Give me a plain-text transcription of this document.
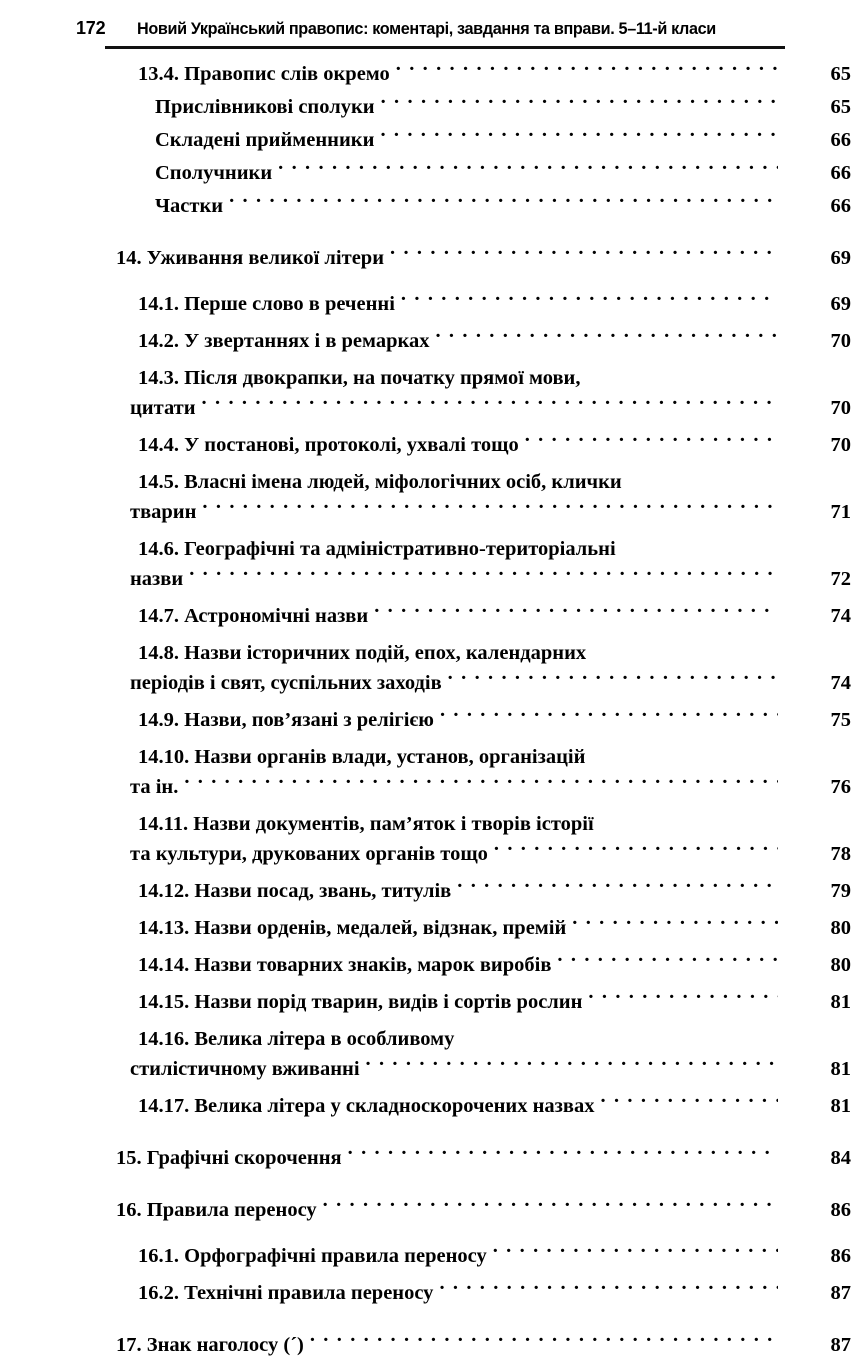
172 Новий Український правопис: коментарі, завдання та вправи. 5–11-й класи
13.4. Правопис слів окремо . . .	65
Прислівникові сполуки . . .	65
Складені прийменники . . .	66
Сполучники . . .	66
Частки . . .	66
14. Уживання великої літери . . .	69
14.1. Перше слово в реченні . . .	69
14.2. У звертаннях і в ремарках . . .	70
14.3. Після двокрапки, на початку прямої мови,
цитати . . .	70
14.4. У постанові, протоколі, ухвалі тощо . . .	70
14.5. Власні імена людей, міфологічних осіб, клички
тварин . . .	71
14.6. Географічні та адміністративно-територіальні
назви . . .	72
14.7. Астрономічні назви . . .	74
14.8. Назви історичних подій, епох, календарних
періодів і свят, суспільних заходів . . .	74
14.9. Назви, пов’язані з релігією . . .	75
14.10. Назви органів влади, установ, організацій
та ін. . . .	76
14.11. Назви документів, пам’яток і творів історії
та культури, друкованих органів тощо . . .	78
14.12. Назви посад, звань, титулів . . .	79
14.13. Назви орденів, медалей, відзнак, премій . . .	80
14.14. Назви товарних знаків, марок виробів . . .	80
14.15. Назви порід тварин, видів і сортів рослин . . .	81
14.16. Велика літера в особливому
стилістичному вживанні . . .	81
14.17. Велика літера у складноскорочених назвах . . .	81
15. Графічні скорочення . . .	84
16. Правила переносу . . .	86
16.1. Орфографічні правила переносу . . .	86
16.2. Технічні правила переносу . . .	87
17. Знак наголосу (´) . . .	87
